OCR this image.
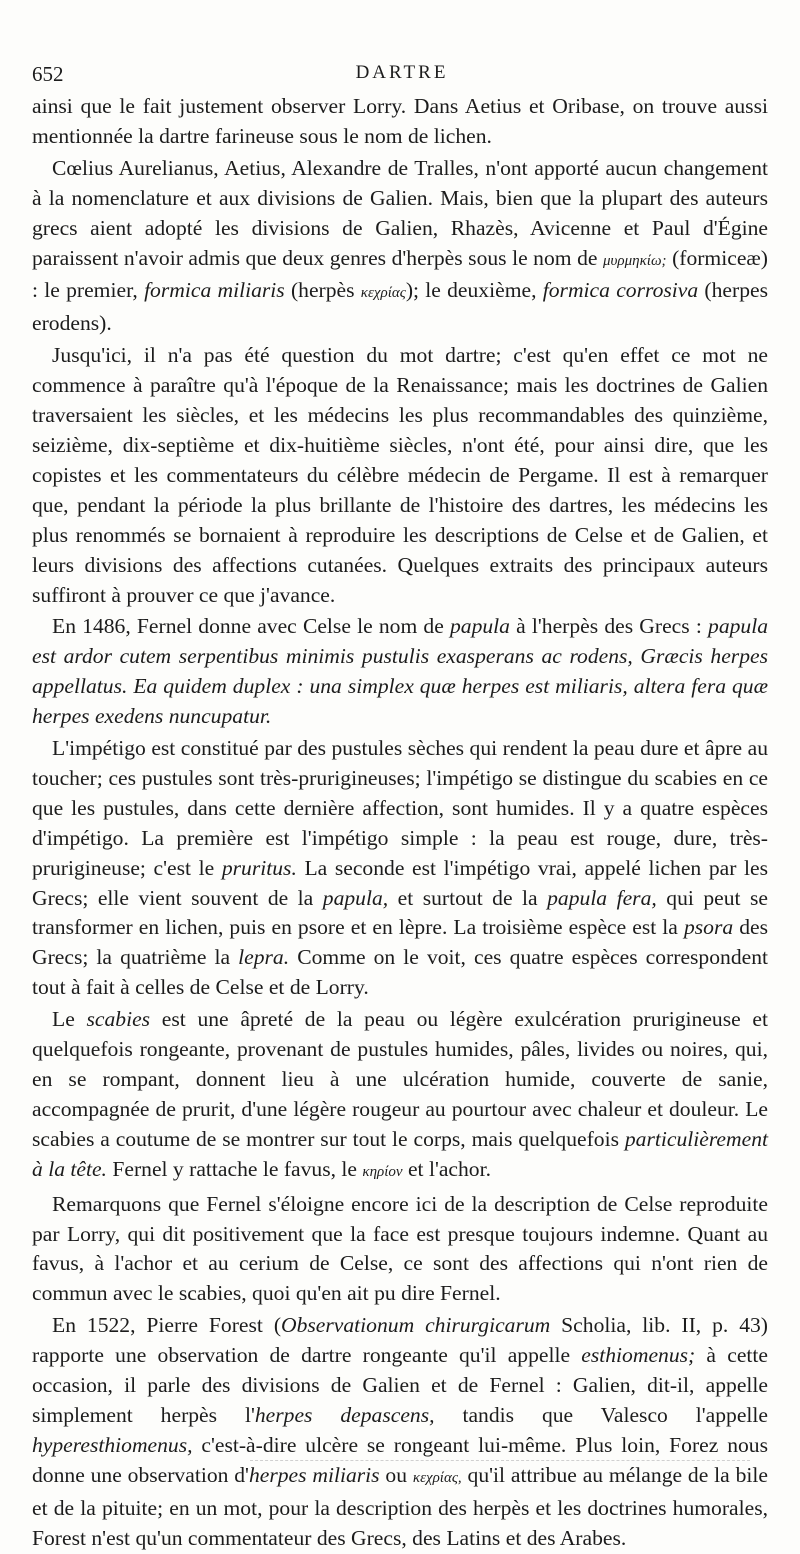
652	DARTRE

ainsi que le fait justement observer Lorry. Dans Aetius et Oribase, on trouve aussi mentionnée la dartre farineuse sous le nom de lichen.

Cœlius Aurelianus, Aetius, Alexandre de Tralles, n'ont apporté aucun changement à la nomenclature et aux divisions de Galien. Mais, bien que la plupart des auteurs grecs aient adopté les divisions de Galien, Rhazès, Avicenne et Paul d'Égine paraissent n'avoir admis que deux genres d'herpès sous le nom de μυρμηκίω; (formiceæ) : le premier, formica miliaris (herpès κεχρίας); le deuxième, formica corrosiva (herpes erodens).

Jusqu'ici, il n'a pas été question du mot dartre; c'est qu'en effet ce mot ne commence à paraître qu'à l'époque de la Renaissance; mais les doctrines de Galien traversaient les siècles, et les médecins les plus recommandables des quinzième, seizième, dix-septième et dix-huitième siècles, n'ont été, pour ainsi dire, que les copistes et les commentateurs du célèbre médecin de Pergame. Il est à remarquer que, pendant la période la plus brillante de l'histoire des dartres, les médecins les plus renommés se bornaient à reproduire les descriptions de Celse et de Galien, et leurs divisions des affections cutanées. Quelques extraits des principaux auteurs suffiront à prouver ce que j'avance.

En 1486, Fernel donne avec Celse le nom de papula à l'herpès des Grecs : papula est ardor cutem serpentibus minimis pustulis exasperans ac rodens, Græcis herpes appellatus. Ea quidem duplex : una simplex quæ herpes est miliaris, altera fera quæ herpes exedens nuncupatur.

L'impétigo est constitué par des pustules sèches qui rendent la peau dure et âpre au toucher; ces pustules sont très-prurigineuses; l'impétigo se distingue du scabies en ce que les pustules, dans cette dernière affection, sont humides. Il y a quatre espèces d'impétigo. La première est l'impétigo simple : la peau est rouge, dure, très-prurigineuse; c'est le pruritus. La seconde est l'impétigo vrai, appelé lichen par les Grecs; elle vient souvent de la papula, et surtout de la papula fera, qui peut se transformer en lichen, puis en psore et en lèpre. La troisième espèce est la psora des Grecs; la quatrième la lepra. Comme on le voit, ces quatre espèces correspondent tout à fait à celles de Celse et de Lorry.

Le scabies est une âpreté de la peau ou légère exulcération prurigineuse et quelquefois rongeante, provenant de pustules humides, pâles, livides ou noires, qui, en se rompant, donnent lieu à une ulcération humide, couverte de sanie, accompagnée de prurit, d'une légère rougeur au pourtour avec chaleur et douleur. Le scabies a coutume de se montrer sur tout le corps, mais quelquefois particulièrement à la tête. Fernel y rattache le favus, le κηρίον et l'achor.

Remarquons que Fernel s'éloigne encore ici de la description de Celse reproduite par Lorry, qui dit positivement que la face est presque toujours indemne. Quant au favus, à l'achor et au cerium de Celse, ce sont des affections qui n'ont rien de commun avec le scabies, quoi qu'en ait pu dire Fernel.

En 1522, Pierre Forest (Observationum chirurgicarum Scholia, lib. II, p. 43) rapporte une observation de dartre rongeante qu'il appelle esthiomenus; à cette occasion, il parle des divisions de Galien et de Fernel : Galien, dit-il, appelle simplement herpès l'herpes depascens, tandis que Valesco l'appelle hyperesthiomenus, c'est-à-dire ulcère se rongeant lui-même. Plus loin, Forez nous donne une observation d'herpes miliaris ou κεχρίας, qu'il attribue au mélange de la bile et de la pituite; en un mot, pour la description des herpès et les doctrines humorales, Forest n'est qu'un commentateur des Grecs, des Latins et des Arabes.
